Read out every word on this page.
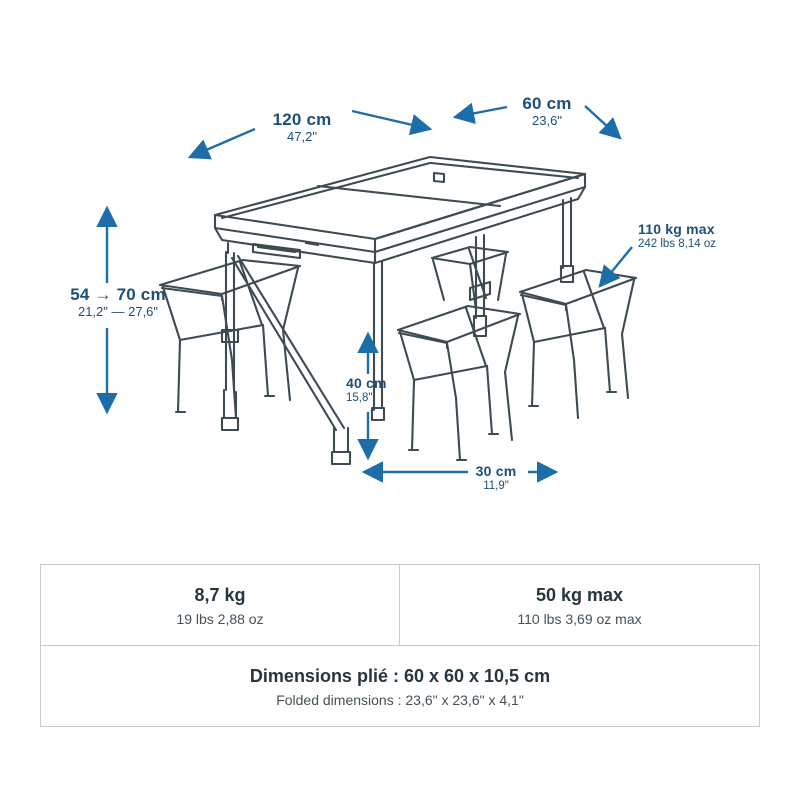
120 cm
47,2"
60 cm
23,6"
54 → 70 cm
21,2" — 27,6"
40 cm
15,8"
30 cm
11,9"
110 kg max
242 lbs 8,14 oz
8,7 kg
19 lbs 2,88 oz
50 kg max
110 lbs 3,69 oz max
Dimensions plié : 60 x 60 x 10,5 cm
Folded dimensions : 23,6" x 23,6" x 4,1"
